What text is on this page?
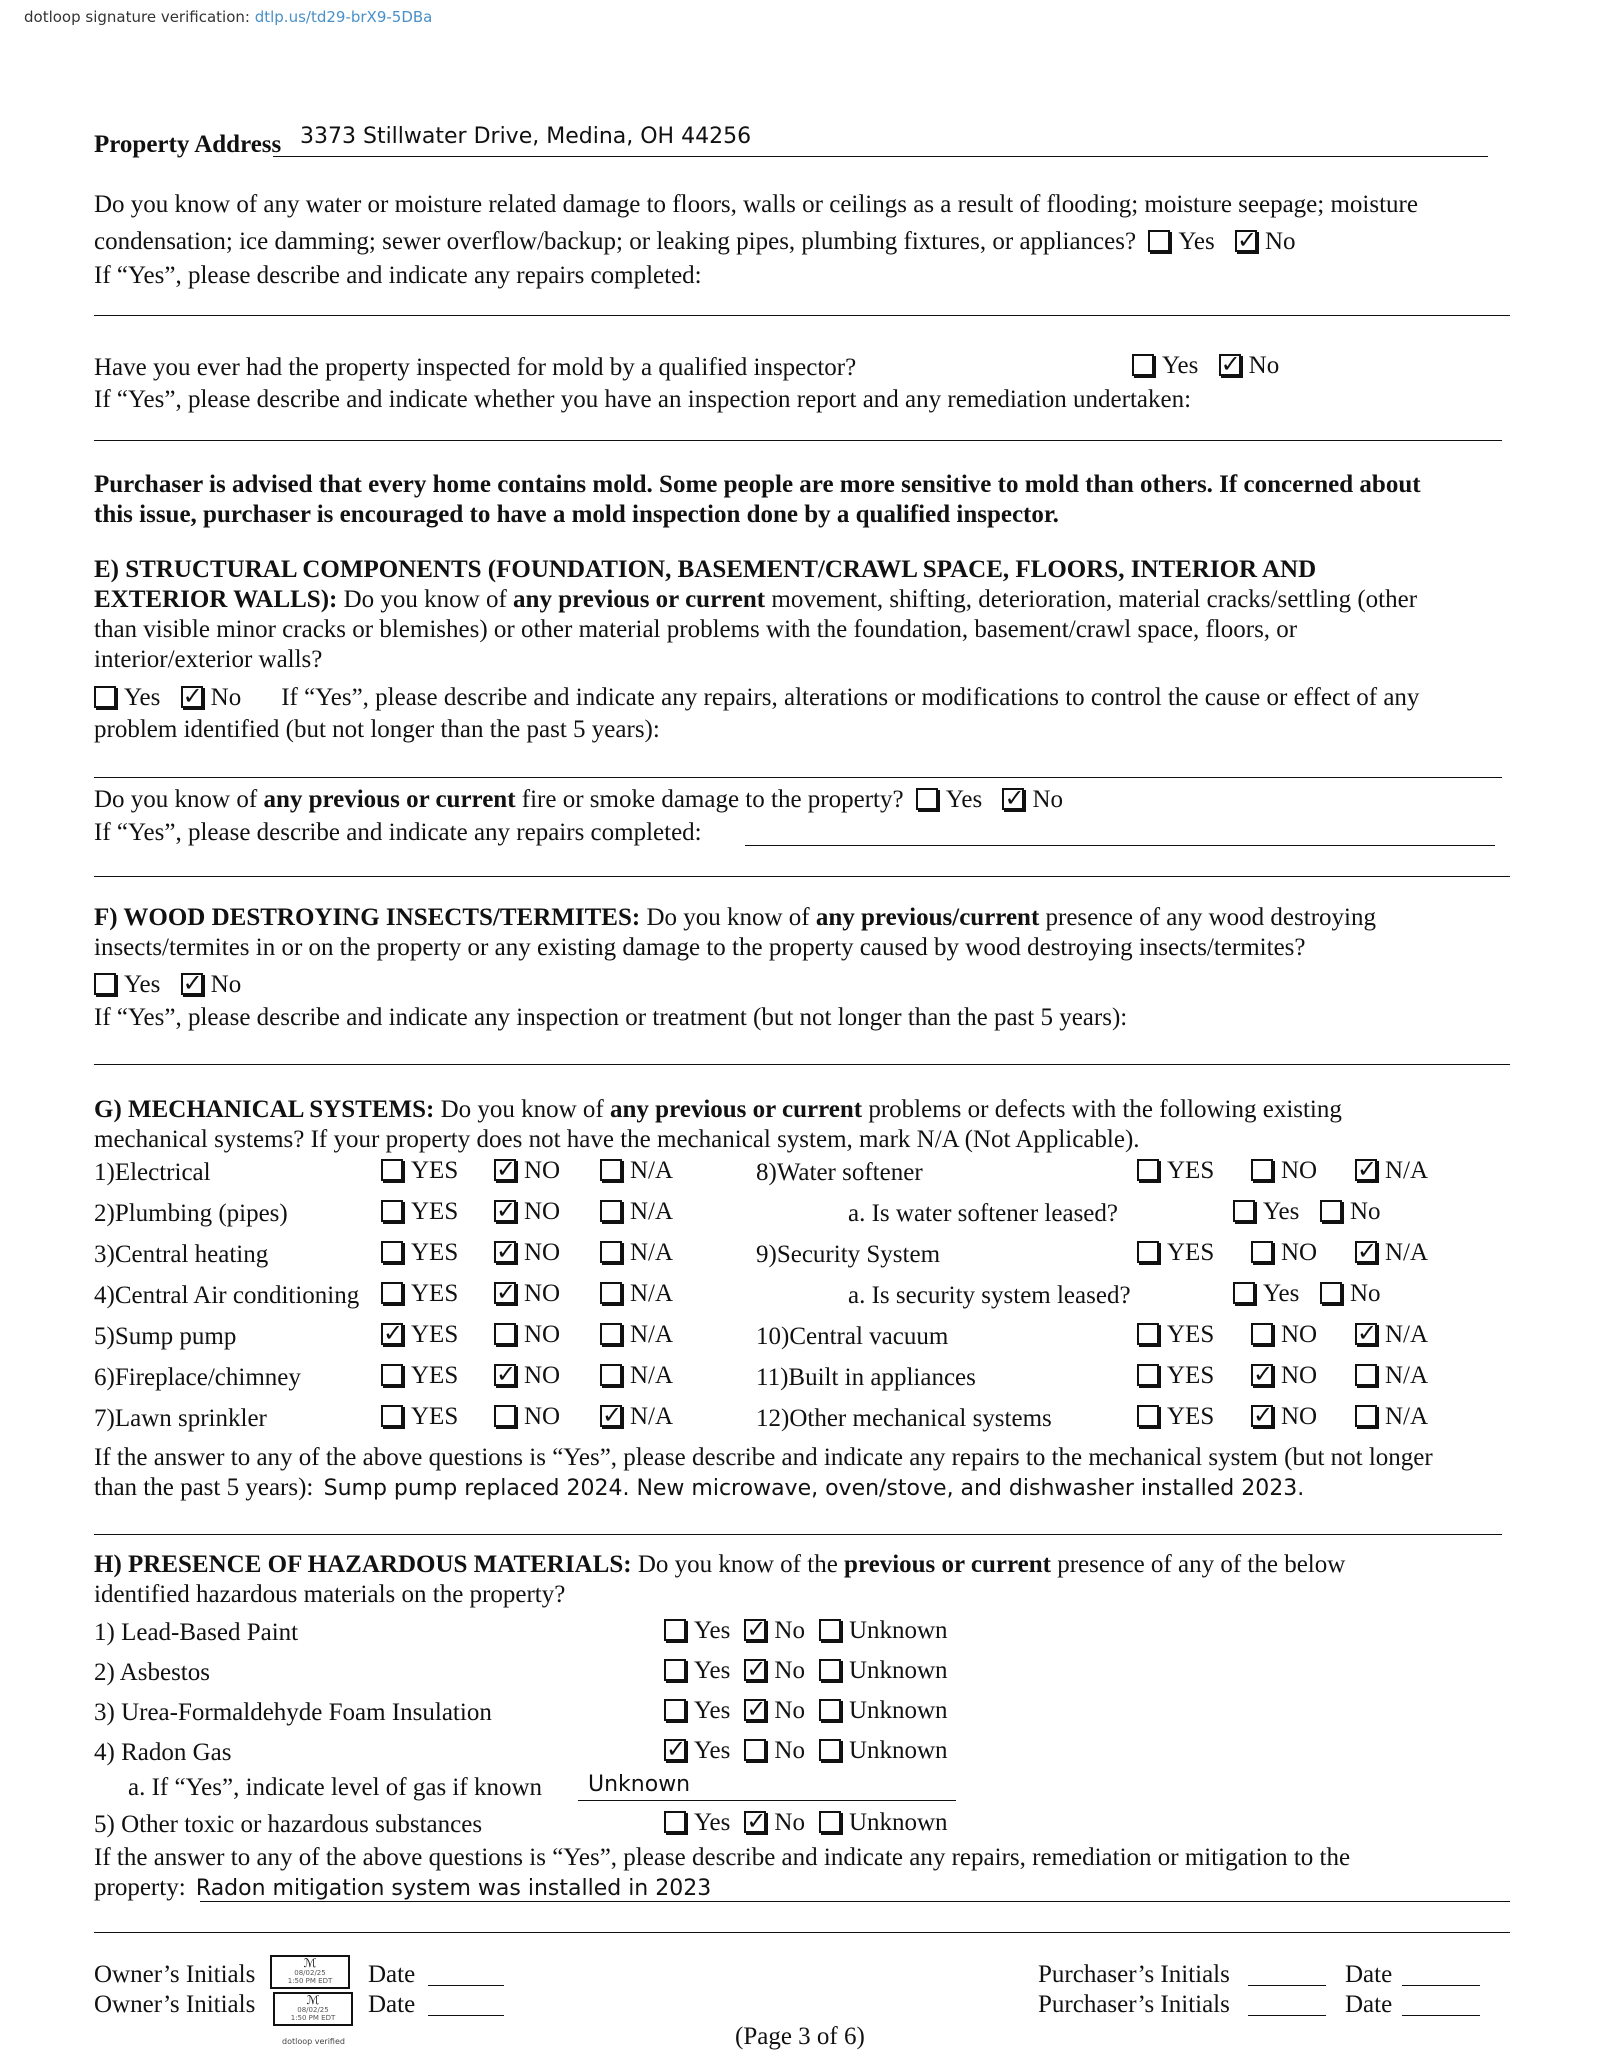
dotloop signature verification: dtlp.us/td29-brX9-5DBa
Property Address 3373 Stillwater Drive, Medina, OH 44256
Do you know of any water or moisture related damage to floors, walls or ceilings as a result of flooding; moisture seepage; moisture
condensation; ice damming; sewer overflow/backup; or leaking pipes, plumbing fixtures, or appliances? Yes ✓ No
If “Yes”, please describe and indicate any repairs completed:
Have you ever had the property inspected for mold by a qualified inspector?	Yes ✓ No
If “Yes”, please describe and indicate whether you have an inspection report and any remediation undertaken:
Purchaser is advised that every home contains mold. Some people are more sensitive to mold than others. If concerned about
this issue, purchaser is encouraged to have a mold inspection done by a qualified inspector.
E) STRUCTURAL COMPONENTS (FOUNDATION, BASEMENT/CRAWL SPACE, FLOORS, INTERIOR AND
EXTERIOR WALLS): Do you know of any previous or current movement, shifting, deterioration, material cracks/settling (other
than visible minor cracks or blemishes) or other material problems with the foundation, basement/crawl space, floors, or
interior/exterior walls?
Yes ✓ No If “Yes”, please describe and indicate any repairs, alterations or modifications to control the cause or effect of any
problem identified (but not longer than the past 5 years):
Do you know of any previous or current fire or smoke damage to the property? Yes ✓ No
If “Yes”, please describe and indicate any repairs completed:
F) WOOD DESTROYING INSECTS/TERMITES: Do you know of any previous/current presence of any wood destroying
insects/termites in or on the property or any existing damage to the property caused by wood destroying insects/termites?
Yes ✓ No
If “Yes”, please describe and indicate any inspection or treatment (but not longer than the past 5 years):
G) MECHANICAL SYSTEMS: Do you know of any previous or current problems or defects with the following existing
mechanical systems? If your property does not have the mechanical system, mark N/A (Not Applicable).
1)Electrical	YES ✓	NO	N/A
2)Plumbing (pipes)	YES ✓	NO	N/A
3)Central heating	YES ✓	NO	N/A
4)Central Air conditioning	YES ✓	NO	N/A
5)Sump pump ✓	YES	NO	N/A
6)Fireplace/chimney	YES ✓	NO	N/A
7)Lawn sprinkler	YES	NO ✓	N/A
8)Water softener	YES	NO ✓	N/A
a. Is water softener leased?	Yes	No
9)Security System	YES	NO ✓	N/A
a. Is security system leased?	Yes	No
10)Central vacuum	YES	NO ✓	N/A
11)Built in appliances	YES ✓	NO	N/A
12)Other mechanical systems	YES ✓	NO	N/A
If the answer to any of the above questions is “Yes”, please describe and indicate any repairs to the mechanical system (but not longer
than the past 5 years): Sump pump replaced 2024. New microwave, oven/stove, and dishwasher installed 2023.
H) PRESENCE OF HAZARDOUS MATERIALS: Do you know of the previous or current presence of any of the below
identified hazardous materials on the property?
1) Lead-Based Paint	Yes ✓ No Unknown
2) Asbestos	Yes ✓ No Unknown
3) Urea-Formaldehyde Foam Insulation	Yes ✓ No Unknown
4) Radon Gas ✓	Yes No Unknown
5) Other toxic or hazardous substances	Yes ✓ No Unknown
a. If “Yes”, indicate level of gas if known Unknown
If the answer to any of the above questions is “Yes”, please describe and indicate any repairs, remediation or mitigation to the
property: Radon mitigation system was installed in 2023
Owner’s Initials	ℳ
08/02/25
1:50 PM EDT	Date
Owner’s Initials	ℳ
08/02/25
1:50 PM EDT
dotloop verified
Date
Purchaser’s Initials	Date
Purchaser’s Initials	Date
(Page 3 of 6)
